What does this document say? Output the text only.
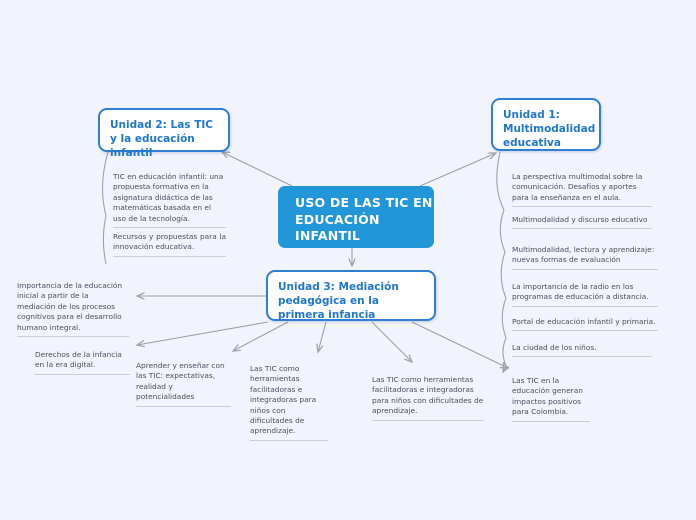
USO DE LAS TIC EN EDUCACIÓN INFANTIL
Unidad 2: Las TIC y la educación infantil
Unidad 1: Multimodalidad educativa
Unidad 3: Mediación pedagógica en la primera infancia
TIC en educación infantil: una propuesta formativa en la asignatura didáctica de las matemáticas basada en el uso de la tecnología.
Recursos y propuestas para la innovación educativa.
La perspectiva multimodal sobre la comunicación. Desafíos y aportes para la enseñanza en el aula.
Multimodalidad y discurso educativo
Multimodalidad, lectura y aprendizaje: nuevas formas de evaluación
La importancia de la radio en los programas de educación a distancia.
Portal de educación infantil y primaria.
La ciudad de los niños.
Las TIC en la educación generan impactos positivos para Colombia.
Importancia de la educación inicial a partir de la mediación de los procesos cognitivos para el desarrollo humano integral.
Derechos de la infancia en la era digital.	Aprender y enseñar con las TIC: expectativas, realidad y potencialidades
Las TIC como herramientas facilitadoras e integradoras para niños con dificultades de aprendizaje.
Las TIC como herramientas facilitadoras e integradoras para niños con dificultades de aprendizaje.
